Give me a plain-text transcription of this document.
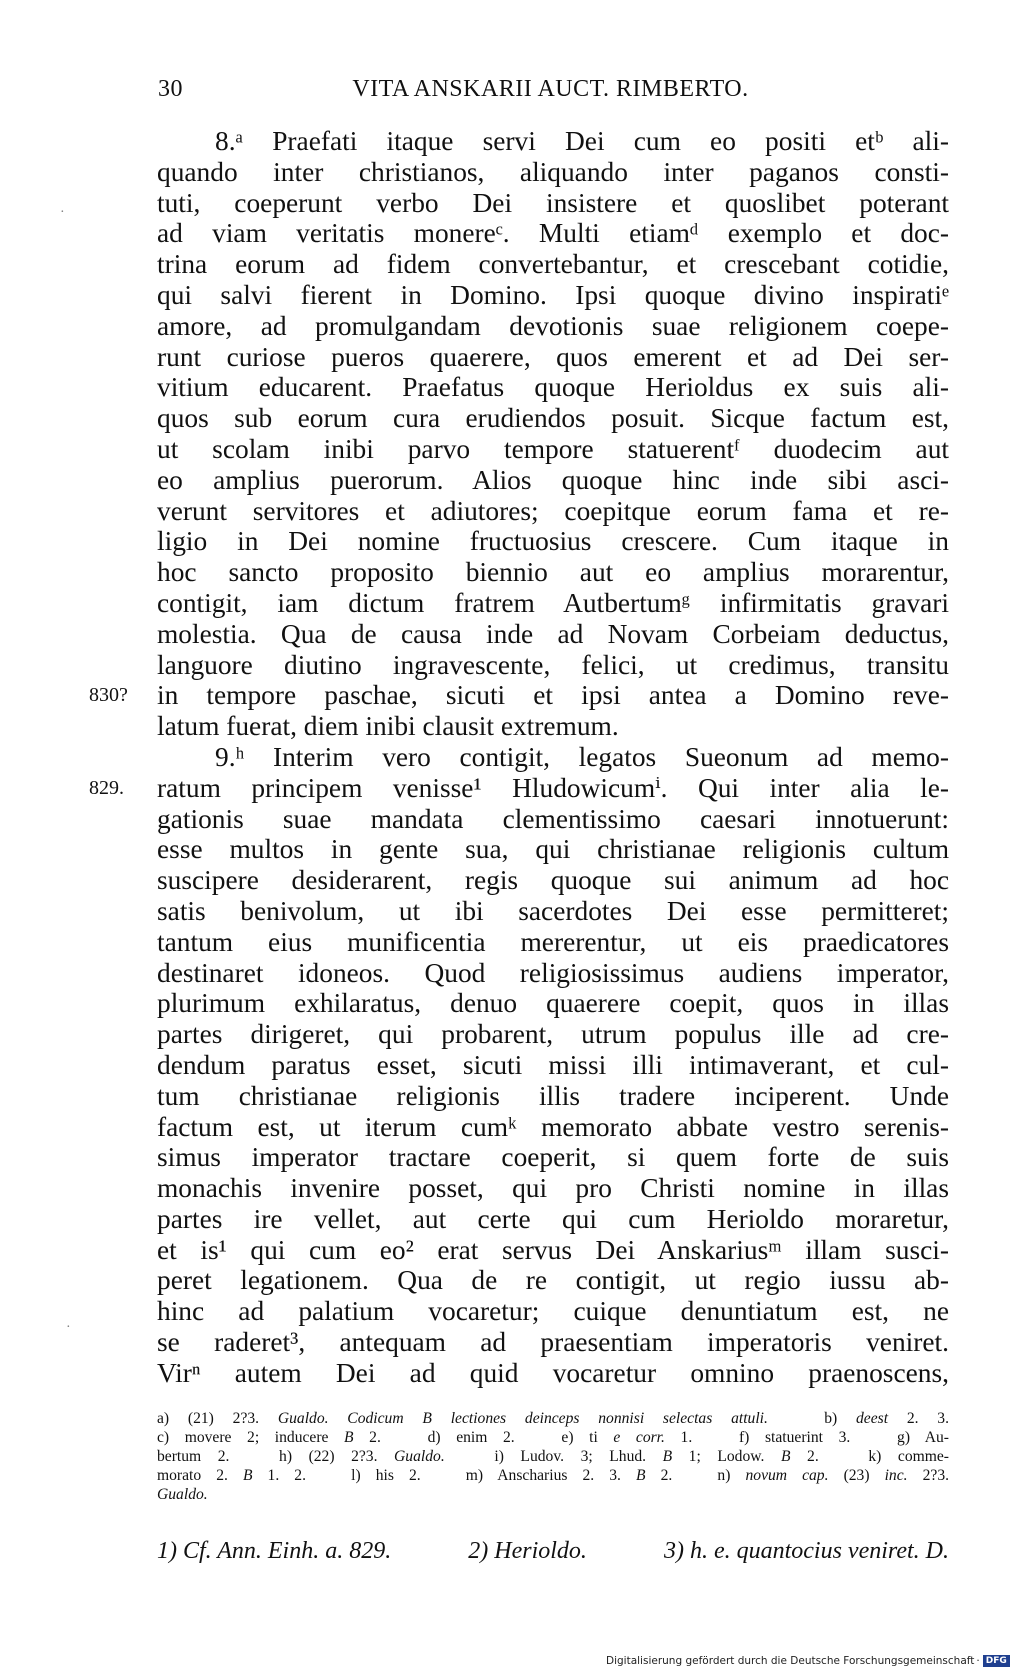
30	VITA ANSKARII AUCT. RIMBERTO.
8.ᵃ Praefati itaque servi Dei cum eo positi etᵇ ali-
quando inter christianos, aliquando inter paganos consti-
tuti, coeperunt verbo Dei insistere et quoslibet poterant
ad viam veritatis monereᶜ. Multi etiamᵈ exemplo et doc-
trina eorum ad fidem convertebantur, et crescebant cotidie,
qui salvi fierent in Domino. Ipsi quoque divino inspiratiᵉ
amore, ad promulgandam devotionis suae religionem coepe-
runt curiose pueros quaerere, quos emerent et ad Dei ser-
vitium educarent. Praefatus quoque Herioldus ex suis ali-
quos sub eorum cura erudiendos posuit. Sicque factum est,
ut scolam inibi parvo tempore statuerentᶠ duodecim aut
eo amplius puerorum. Alios quoque hinc inde sibi asci-
verunt servitores et adiutores; coepitque eorum fama et re-
ligio in Dei nomine fructuosius crescere. Cum itaque in
hoc sancto proposito biennio aut eo amplius morarentur,
contigit, iam dictum fratrem Autbertumᵍ infirmitatis gravari
molestia. Qua de causa inde ad Novam Corbeiam deductus,
languore diutino ingravescente, felici, ut credimus, transitu
in tempore paschae, sicuti et ipsi antea a Domino reve-
830?
latum fuerat, diem inibi clausit extremum.
9.ʰ Interim vero contigit, legatos Sueonum ad memo-
ratum principem venisse¹ Hludowicumⁱ. Qui inter alia le-
829.
gationis suae mandata clementissimo caesari innotuerunt:
esse multos in gente sua, qui christianae religionis cultum
suscipere desiderarent, regis quoque sui animum ad hoc
satis benivolum, ut ibi sacerdotes Dei esse permitteret;
tantum eius munificentia mererentur, ut eis praedicatores
destinaret idoneos. Quod religiosissimus audiens imperator,
plurimum exhilaratus, denuo quaerere coepit, quos in illas
partes dirigeret, qui probarent, utrum populus ille ad cre-
dendum paratus esset, sicuti missi illi intimaverant, et cul-
tum christianae religionis illis tradere inciperent. Unde
factum est, ut iterum cumᵏ memorato abbate vestro serenis-
simus imperator tractare coeperit, si quem forte de suis
monachis invenire posset, qui pro Christi nomine in illas
partes ire vellet, aut certe qui cum Herioldo moraretur,
et is¹ qui cum eo² erat servus Dei Anskariusᵐ illam susci-
peret legationem. Qua de re contigit, ut regio iussu ab-
hinc ad palatium vocaretur; cuique denuntiatum est, ne
se raderet³, antequam ad praesentiam imperatoris veniret.
Virⁿ autem Dei ad quid vocaretur omnino praenoscens,
a) (21) 2?3. Gualdo. Codicum B lectiones deinceps nonnisi selectas attuli.   b) deest 2. 3.
c) movere 2; inducere B 2.   d) enim 2.   e) ti e corr. 1.   f) statuerint 3.   g) Au-
bertum 2.   h) (22) 2?3. Gualdo.   i) Ludov. 3; Lhud. B 1; Lodow. B 2.   k) comme-
morato 2. B 1. 2.   l) his 2.   m) Anscharius 2. 3. B 2.   n) novum cap. (23) inc. 2?3.
Gualdo.
1) Cf. Ann. Einh. a. 829.	2) Herioldo.	3) h. e. quantocius veniret. D.
·
·
Digitalisierung gefördert durch die Deutsche Forschungsgemeinschaft · DFG
